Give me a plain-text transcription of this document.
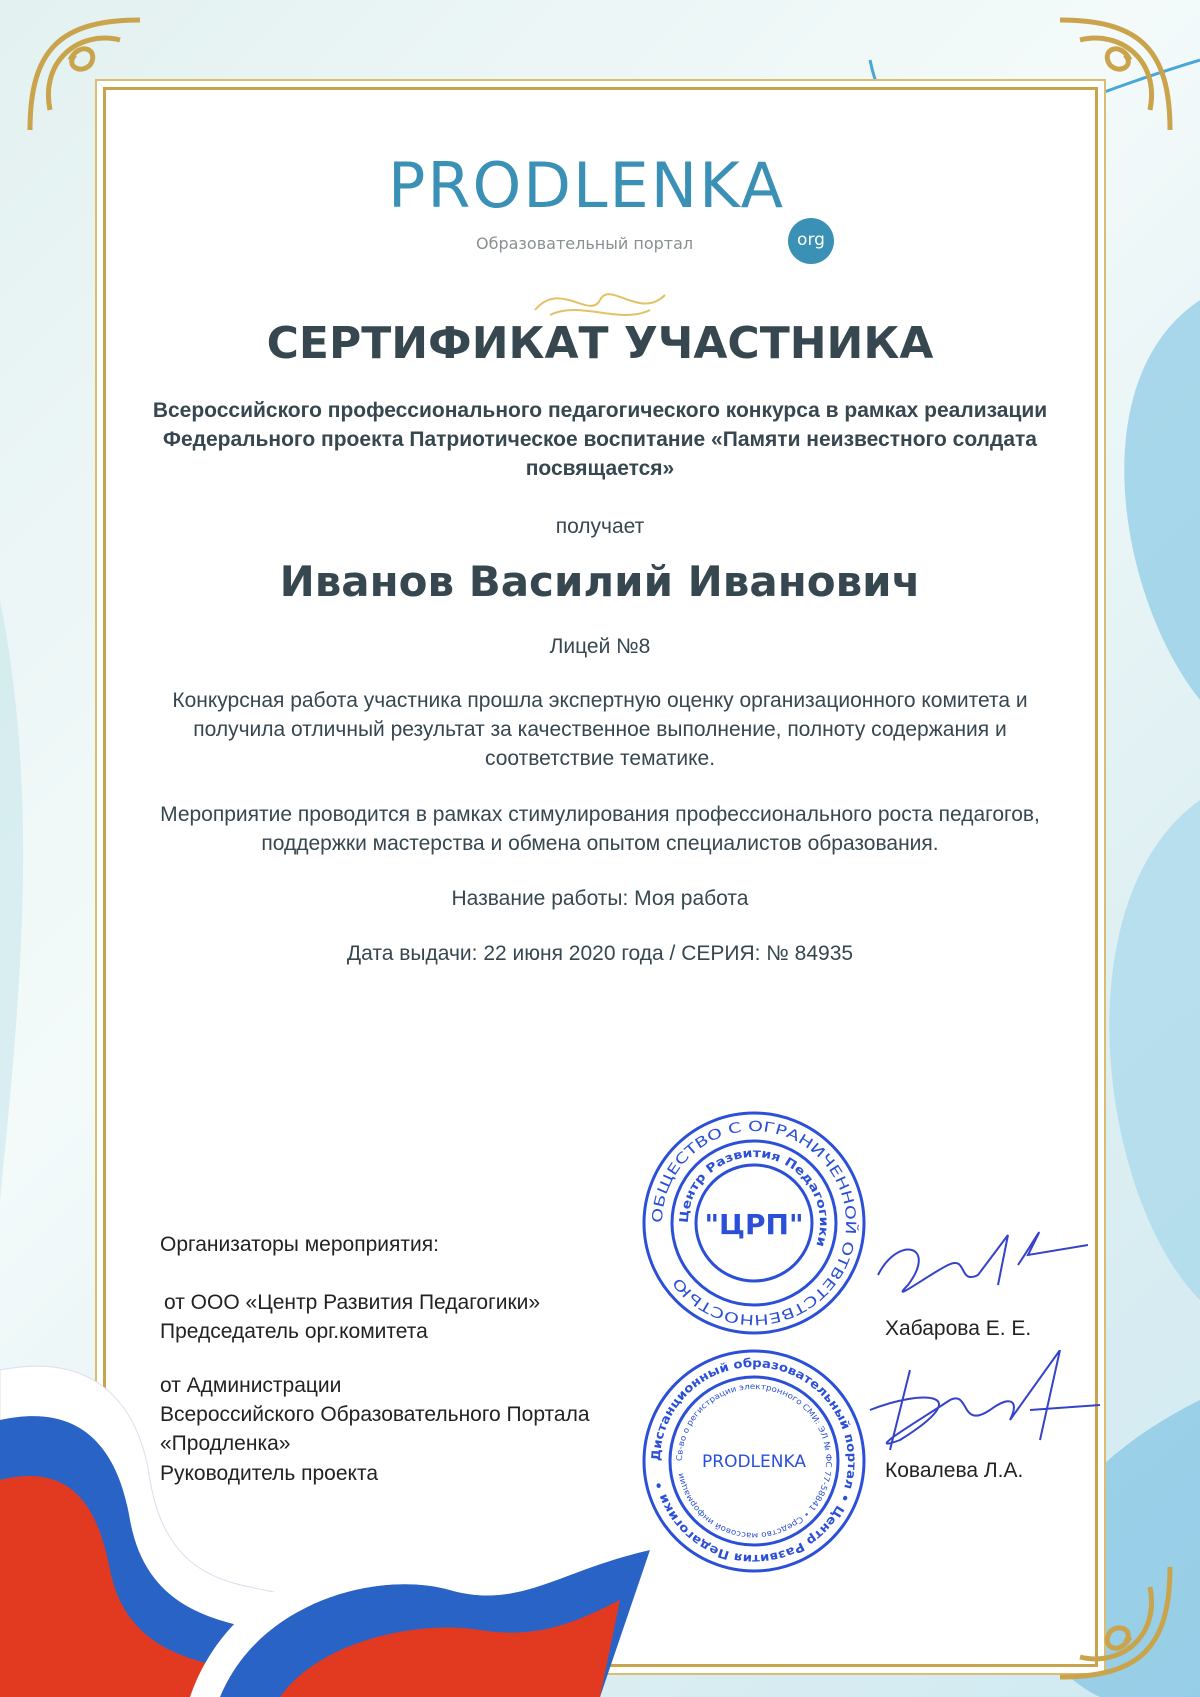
PRODLENKA
Образовательный портал	org
СЕРТИФИКАТ УЧАСТНИКА
Всероссийского профессионального педагогического конкурса в рамках реализации Федерального проекта Патриотическое воспитание «Памяти неизвестного солдата посвящается»
получает
Иванов Василий Иванович
Лицей №8
Конкурсная работа участника прошла экспертную оценку организационного комитета и получила отличный результат за качественное выполнение, полноту содержания и соответствие тематике.
Мероприятие проводится в рамках стимулирования профессионального роста педагогов, поддержки мастерства и обмена опытом специалистов образования.
Название работы: Моя работа
Дата выдачи: 22 июня 2020 года / СЕРИЯ: № 84935
Организаторы мероприятия:
от ООО «Центр Развития Педагогики»
Председатель орг.комитета
от Администрации
Всероссийского Образовательного Портала
«Продленка»
Руководитель проекта
ОБЩЕСТВО С ОГРАНИЧЕННОЙ ОТВЕТСТВЕННОСТЬЮ
Центр Развития Педагогики
"ЦРП"
Хабарова Е. Е.
Дистанционный образовательный портал • Центр Развития Педагогики •
Св-во о регистрации электронного СМИ: ЭЛ № ФС 77-58841 • Средство массовой информации
PRODLENKA	Ковалева Л.А.
